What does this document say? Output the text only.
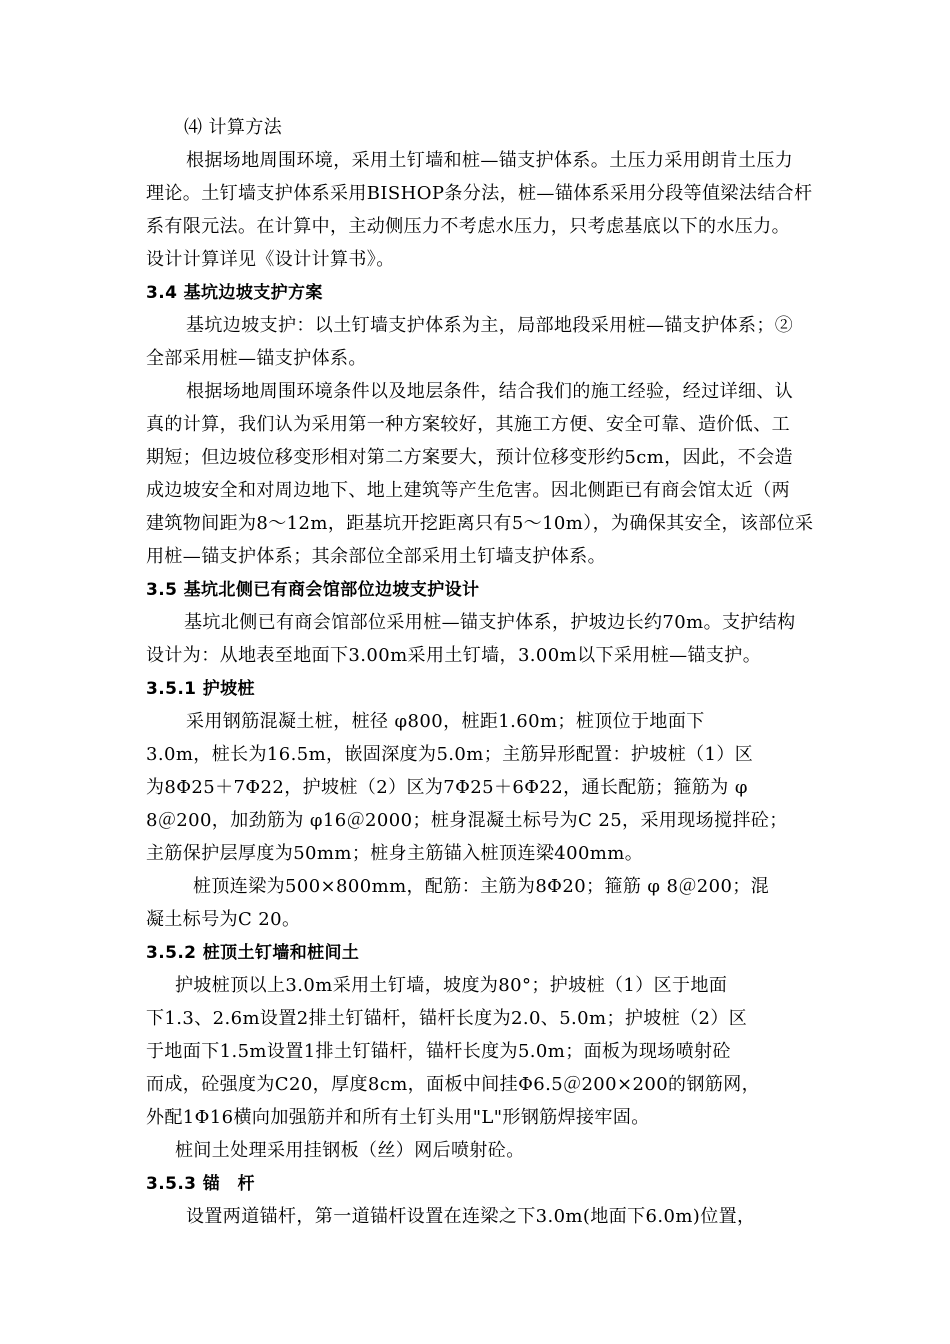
⑷ 计算方法
根据场地周围环境，采用土钉墙和桩—锚支护体系。土压力采用朗肯土压力
理论。土钉墙支护体系采用BISHOP条分法，桩—锚体系采用分段等值梁法结合杆
系有限元法。在计算中，主动侧压力不考虑水压力，只考虑基底以下的水压力。
设计计算详见《设计计算书》。
3.4 基坑边坡支护方案
基坑边坡支护：以土钉墙支护体系为主，局部地段采用桩—锚支护体系；②
全部采用桩—锚支护体系。
根据场地周围环境条件以及地层条件，结合我们的施工经验，经过详细、认
真的计算，我们认为采用第一种方案较好，其施工方便、安全可靠、造价低、工
期短；但边坡位移变形相对第二方案要大，预计位移变形约5cm，因此，不会造
成边坡安全和对周边地下、地上建筑等产生危害。因北侧距已有商会馆太近（两
建筑物间距为8～12m，距基坑开挖距离只有5～10m），为确保其安全，该部位采
用桩—锚支护体系；其余部位全部采用土钉墙支护体系。
3.5 基坑北侧已有商会馆部位边坡支护设计
基坑北侧已有商会馆部位采用桩—锚支护体系，护坡边长约70m。支护结构
设计为：从地表至地面下3.00m采用土钉墙，3.00m以下采用桩—锚支护。
3.5.1 护坡桩
采用钢筋混凝土桩，桩径 φ800，桩距1.60m；桩顶位于地面下
3.0m，桩长为16.5m，嵌固深度为5.0m；主筋异形配置：护坡桩（1）区
为8Φ25＋7Φ22，护坡桩（2）区为7Φ25＋6Φ22，通长配筋；箍筋为 φ
8＠200，加劲筋为 φ16＠2000；桩身混凝土标号为C 25，采用现场搅拌砼；
主筋保护层厚度为50mm；桩身主筋锚入桩顶连梁400mm。
桩顶连梁为500×800mm，配筋：主筋为8Φ20；箍筋 φ 8＠200；混
凝土标号为C 20。
3.5.2 桩顶土钉墙和桩间土
护坡桩顶以上3.0m采用土钉墙，坡度为80°；护坡桩（1）区于地面
下1.3、2.6m设置2排土钉锚杆，锚杆长度为2.0、5.0m；护坡桩（2）区
于地面下1.5m设置1排土钉锚杆，锚杆长度为5.0m；面板为现场喷射砼
而成，砼强度为C20，厚度8cm，面板中间挂Φ6.5＠200×200的钢筋网，
外配1Φ16横向加强筋并和所有土钉头用"L"形钢筋焊接牢固。
桩间土处理采用挂钢板（丝）网后喷射砼。
3.5.3 锚　杆
设置两道锚杆，第一道锚杆设置在连梁之下3.0m(地面下6.0m)位置，
